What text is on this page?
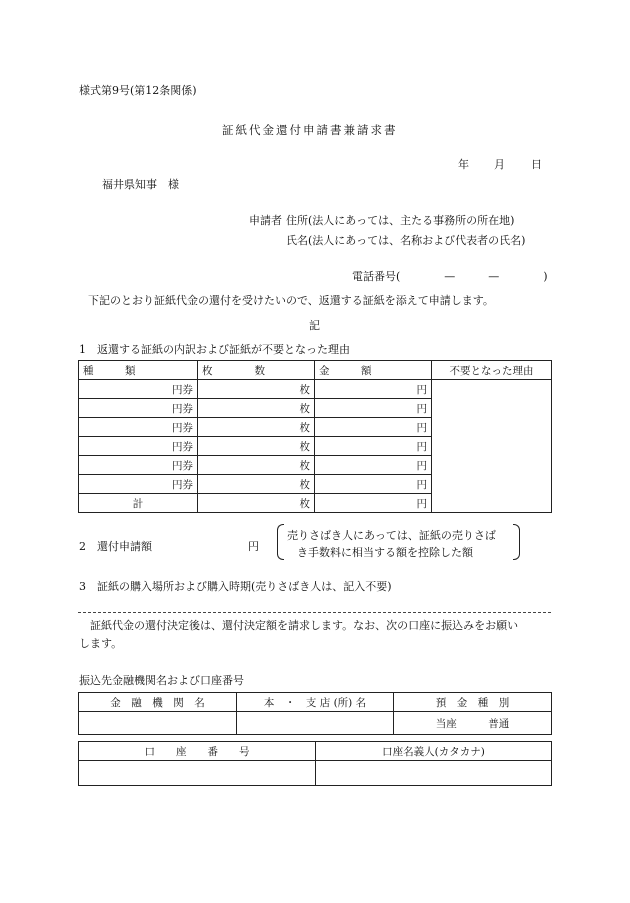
様式第9号(第12条関係)
証紙代金還付申請書兼請求書
年 月 日
福井県知事　様
申請者 住所(法人にあっては、主たる事務所の所在地)
氏名(法人にあっては、名称および代表者の氏名)
電話番号(　　　　—　　　—　　　　)
下記のとおり証紙代金の還付を受けたいので、返還する証紙を添えて申請します。
記
1　返還する証紙の内訳および証紙が不要となった理由
種　　　類	枚　　　　数	金　　　額	不要となった理由
円券	枚	円	
円券	枚	円	
円券	枚	円	
円券	枚	円	
円券	枚	円	
円券	枚	円	
計	枚	円	
2　還付申請額	円
売りさばき人にあっては、証紙の売りさば
き手数料に相当する額を控除した額
3　証紙の購入場所および購入時期(売りさばき人は、記入不要)
証紙代金の還付決定後は、還付決定額を請求します。なお、次の口座に振込みをお願い
します。
振込先金融機関名および口座番号
金　融　機　関　名	本　・　支 店 (所) 名	預　金　種　別
		当座　　　普通
口　　座　　番　　号	口座名義人(カタカナ)
